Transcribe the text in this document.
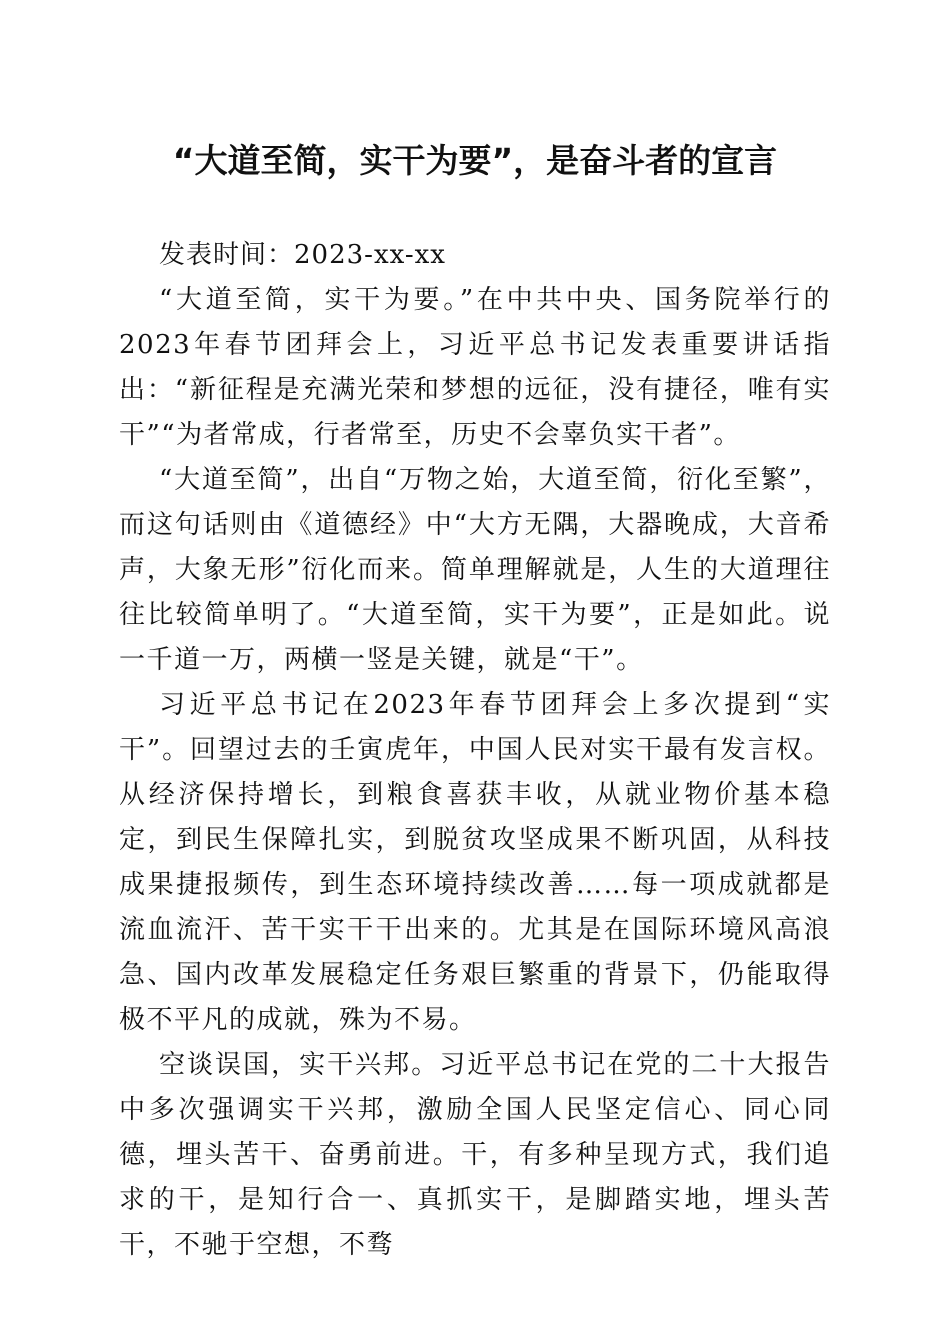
“大道至简，实干为要”，是奋斗者的宣言
发表时间：2023-xx-xx

“大道至简，实干为要。”在中共中央、国务院举行的2023年春节团拜会上，习近平总书记发表重要讲话指出：“新征程是充满光荣和梦想的远征，没有捷径，唯有实干”“为者常成，行者常至，历史不会辜负实干者”。

“大道至简”，出自“万物之始，大道至简，衍化至繁”，而这句话则由《道德经》中“大方无隅，大器晚成，大音希声，大象无形”衍化而来。简单理解就是，人生的大道理往往比较简单明了。“大道至简，实干为要”，正是如此。说一千道一万，两横一竖是关键，就是“干”。

习近平总书记在2023年春节团拜会上多次提到“实干”。回望过去的壬寅虎年，中国人民对实干最有发言权。从经济保持增长，到粮食喜获丰收，从就业物价基本稳定，到民生保障扎实，到脱贫攻坚成果不断巩固，从科技成果捷报频传，到生态环境持续改善……每一项成就都是流血流汗、苦干实干干出来的。尤其是在国际环境风高浪急、国内改革发展稳定任务艰巨繁重的背景下，仍能取得极不平凡的成就，殊为不易。

空谈误国，实干兴邦。习近平总书记在党的二十大报告中多次强调实干兴邦，激励全国人民坚定信心、同心同德，埋头苦干、奋勇前进。干，有多种呈现方式，我们追求的干，是知行合一、真抓实干，是脚踏实地，埋头苦干，不驰于空想，不骛
